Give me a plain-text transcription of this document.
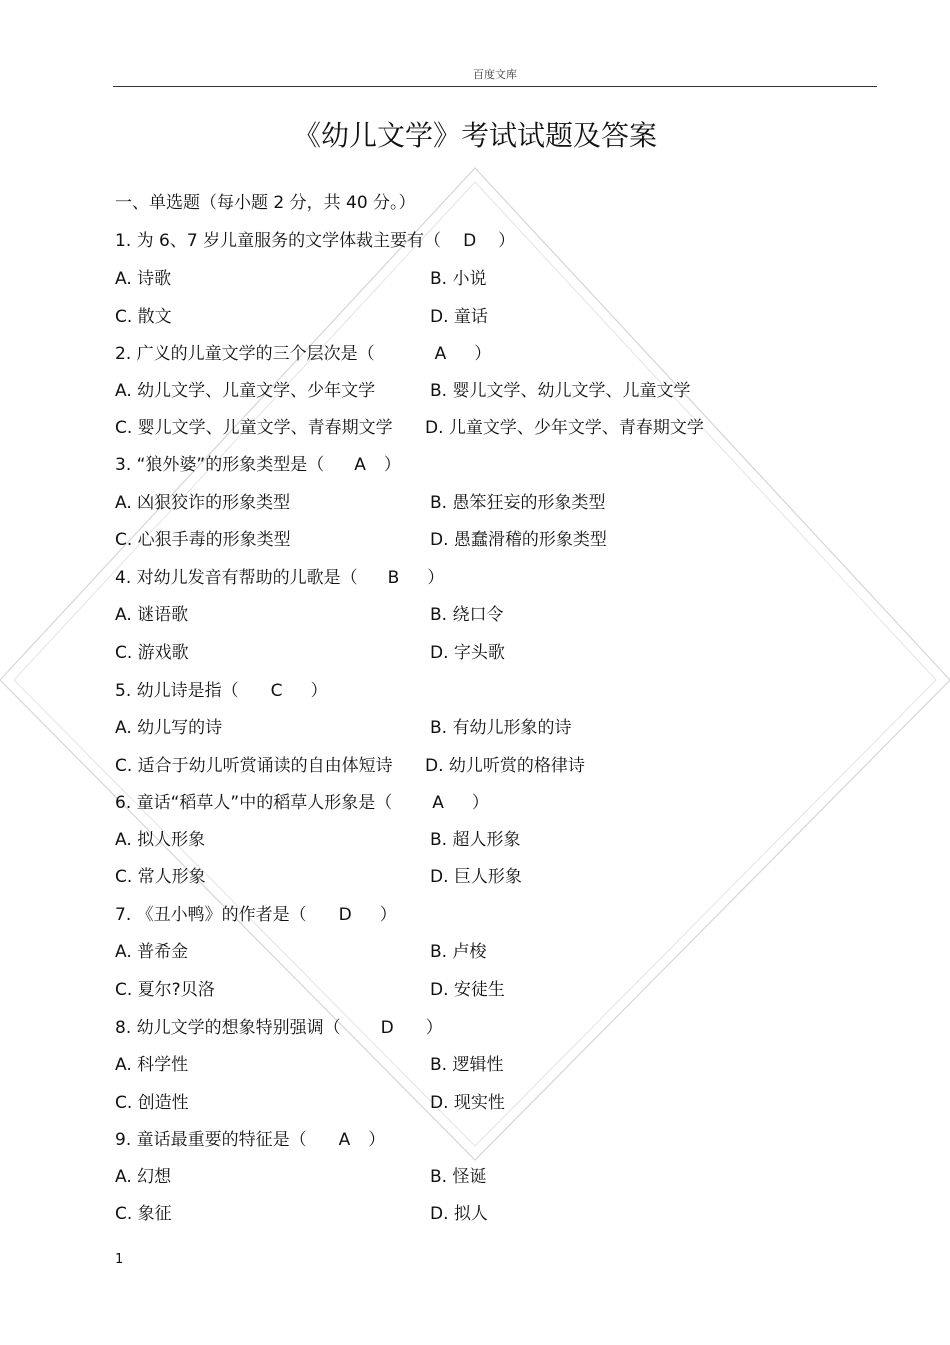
百度文库
《幼儿文学》考试试题及答案
一、单选题（每小题 2 分，共 40 分。）
1. 为 6、7 岁儿童服务的文学体裁主要有（ D ）
A. 诗歌	B. 小说
C. 散文	D. 童话
2. 广义的儿童文学的三个层次是（	A ）
A. 幼儿文学、儿童文学、少年文学	B. 婴儿文学、幼儿文学、儿童文学
C. 婴儿文学、儿童文学、青春期文学 D. 儿童文学、少年文学、青春期文学
3. “狼外婆”的形象类型是（ A ）
A. 凶狠狡诈的形象类型	B. 愚笨狂妄的形象类型
C. 心狠手毒的形象类型	D. 愚蠢滑稽的形象类型
4. 对幼儿发音有帮助的儿歌是（ B ）
A. 谜语歌	B. 绕口令
C. 游戏歌	D. 字头歌
5. 幼儿诗是指（ C ）
A. 幼儿写的诗	B. 有幼儿形象的诗
C. 适合于幼儿听赏诵读的自由体短诗 D. 幼儿听赏的格律诗
6. 童话“稻草人”中的稻草人形象是（ A ）
A. 拟人形象	B. 超人形象
C. 常人形象	D. 巨人形象
7. 《丑小鸭》的作者是（ D ）
A. 普希金	B. 卢梭
C. 夏尔?贝洛	D. 安徒生
8. 幼儿文学的想象特别强调（ D ）
A. 科学性	B. 逻辑性
C. 创造性	D. 现实性
9. 童话最重要的特征是（ A ）
A. 幻想	B. 怪诞
C. 象征	D. 拟人
1
